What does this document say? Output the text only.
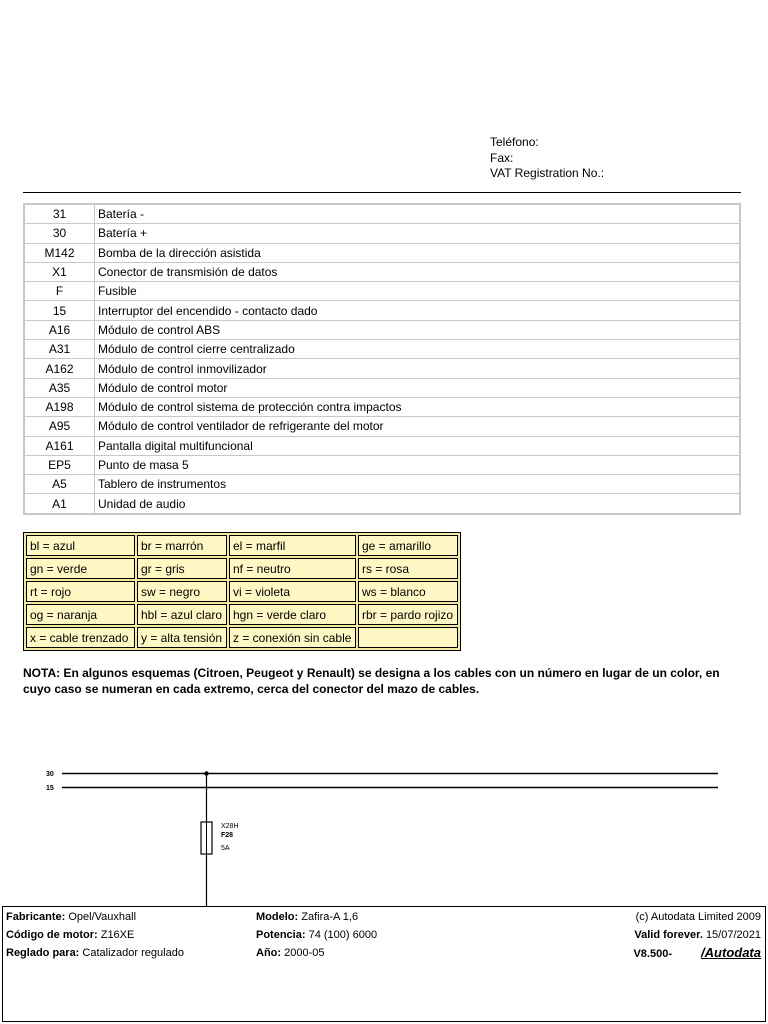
Teléfono:
Fax:
VAT Registration No.:
31	Batería -
30	Batería +
M142	Bomba de la dirección asistida
X1	Conector de transmisión de datos
F	Fusible
15	Interruptor del encendido - contacto dado
A16	Módulo de control ABS
A31	Módulo de control cierre centralizado
A162	Módulo de control inmovilizador
A35	Módulo de control motor
A198	Módulo de control sistema de protección contra impactos
A95	Módulo de control ventilador de refrigerante del motor
A161	Pantalla digital multifuncional
EP5	Punto de masa 5
A5	Tablero de instrumentos
A1	Unidad de audio
bl = azul	br = marrón	el = marfil	ge = amarillo
gn = verde	gr = gris	nf = neutro	rs = rosa
rt = rojo	sw = negro	vi = violeta	ws = blanco
og = naranja	hbl = azul claro	hgn = verde claro	rbr = pardo rojizo
x = cable trenzado	y = alta tensión	z = conexión sin cable	
NOTA: En algunos esquemas (Citroen, Peugeot y Renault) se designa a los cables con un número en lugar de un color, en cuyo caso se numeran en cada extremo, cerca del conector del mazo de cables.
30
15
X28H
F28
5A
Fabricante: Opel/Vauxhall
Código de motor: Z16XE
Reglado para: Catalizador regulado
Modelo: Zafira-A 1,6
Potencia: 74 (100) 6000
Año: 2000-05
(c) Autodata Limited 2009
Valid forever. 15/07/2021
V8.500- /Autodata
